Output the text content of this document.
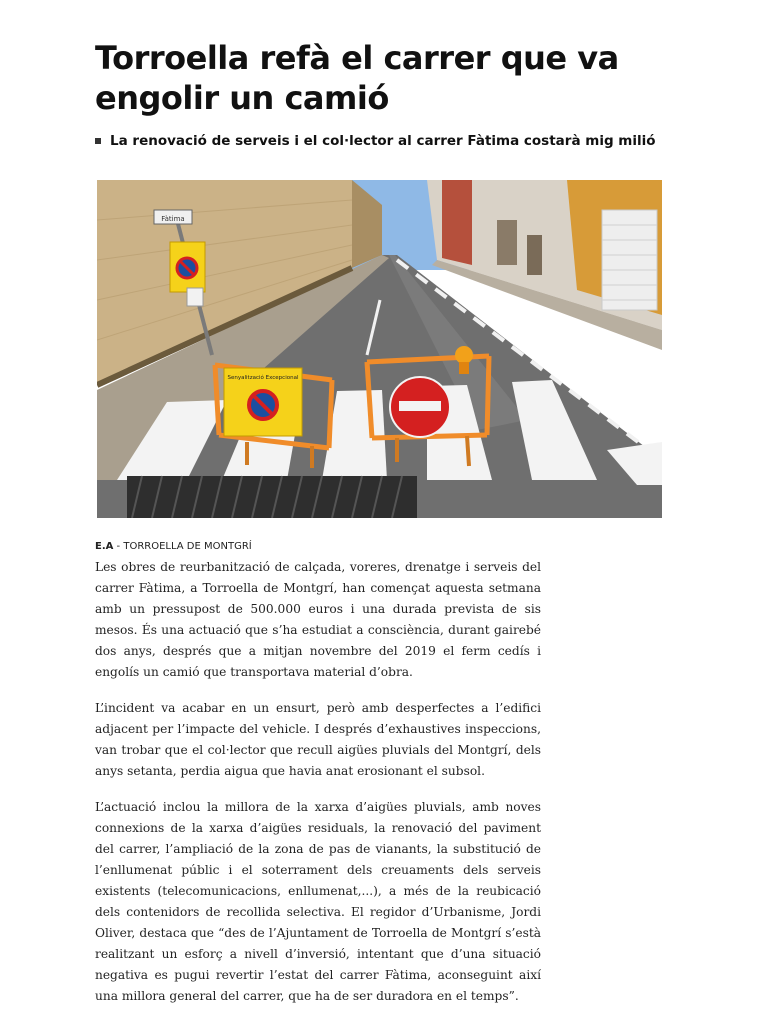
Torroella refà el carrer que va engolir un camió
La renovació de serveis i el col·lector al carrer Fàtima costarà mig milió
Fàtima
Senyalització Excepcional
E.A - TORROELLA DE MONTGRÍ

Les obres de reurbanització de calçada, voreres, drenatge i serveis del carrer Fàtima, a Torroella de Montgrí, han començat aquesta setmana amb un pressupost de 500.000 euros i una durada prevista de sis mesos. És una actuació que s’ha estudiat a consciència, durant gairebé dos anys, després que a mitjan novembre del 2019 el ferm cedís i engolís un camió que transportava material d’obra.

L’incident va acabar en un ensurt, però amb desperfectes a l’edifici adjacent per l’impacte del vehicle. I després d’exhaustives inspeccions, van trobar que el col·lector que recull aigües pluvials del Montgrí, dels anys setanta, perdia aigua que havia anat erosionant el subsol.

L’actuació inclou la millora de la xarxa d’aigües pluvials, amb noves connexions de la xarxa d’aigües residuals, la renovació del paviment del carrer, l’ampliació de la zona de pas de vianants, la substitució de l’enllumenat públic i el soterrament dels creuaments dels serveis existents (telecomunicacions, enllumenat,...), a més de la reubicació dels contenidors de recollida selectiva. El regidor d’Urbanisme, Jordi Oliver, destaca que “des de l’Ajuntament de Torroella de Montgrí s’està realitzant un esforç a nivell d’inversió, intentant que d’una situació negativa es pugui revertir l’estat del carrer Fàtima, aconseguint així una millora general del carrer, que ha de ser duradora en el temps”.
